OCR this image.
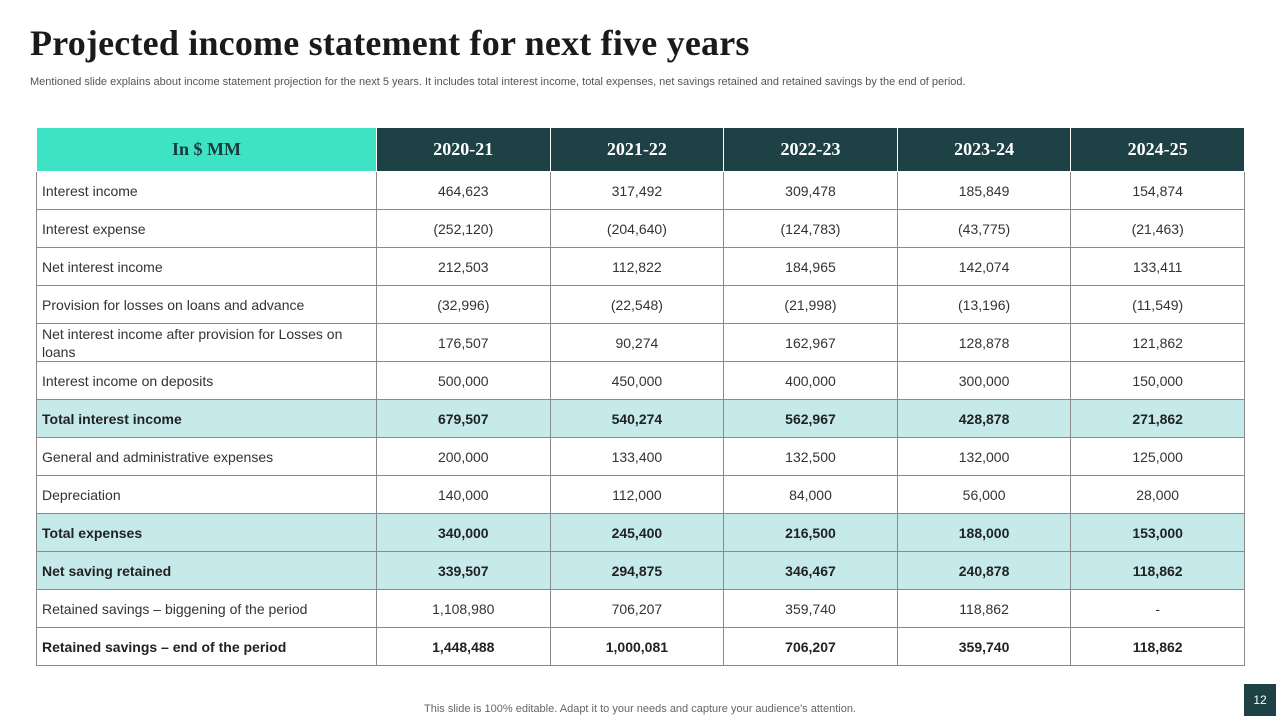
Projected income statement for next five years

Mentioned slide explains about income statement projection for the next 5 years. It includes total interest income, total expenses, net savings retained and retained savings by the end of period.

In $ MM	2020-21	2021-22	2022-23	2023-24	2024-25
Interest income	464,623	317,492	309,478	185,849	154,874
Interest expense	(252,120)	(204,640)	(124,783)	(43,775)	(21,463)
Net interest income	212,503	112,822	184,965	142,074	133,411
Provision for losses on loans and advance	(32,996)	(22,548)	(21,998)	(13,196)	(11,549)
Net interest income after provision for Losses on loans	176,507	90,274	162,967	128,878	121,862
Interest income on deposits	500,000	450,000	400,000	300,000	150,000
Total interest income	679,507	540,274	562,967	428,878	271,862
General and administrative expenses	200,000	133,400	132,500	132,000	125,000
Depreciation	140,000	112,000	84,000	56,000	28,000
Total expenses	340,000	245,400	216,500	188,000	153,000
Net saving retained	339,507	294,875	346,467	240,878	118,862
Retained savings – biggening of the period	1,108,980	706,207	359,740	118,862	-
Retained savings – end of the period	1,448,488	1,000,081	706,207	359,740	118,862
This slide is 100% editable. Adapt it to your needs and capture your audience's attention.
12
